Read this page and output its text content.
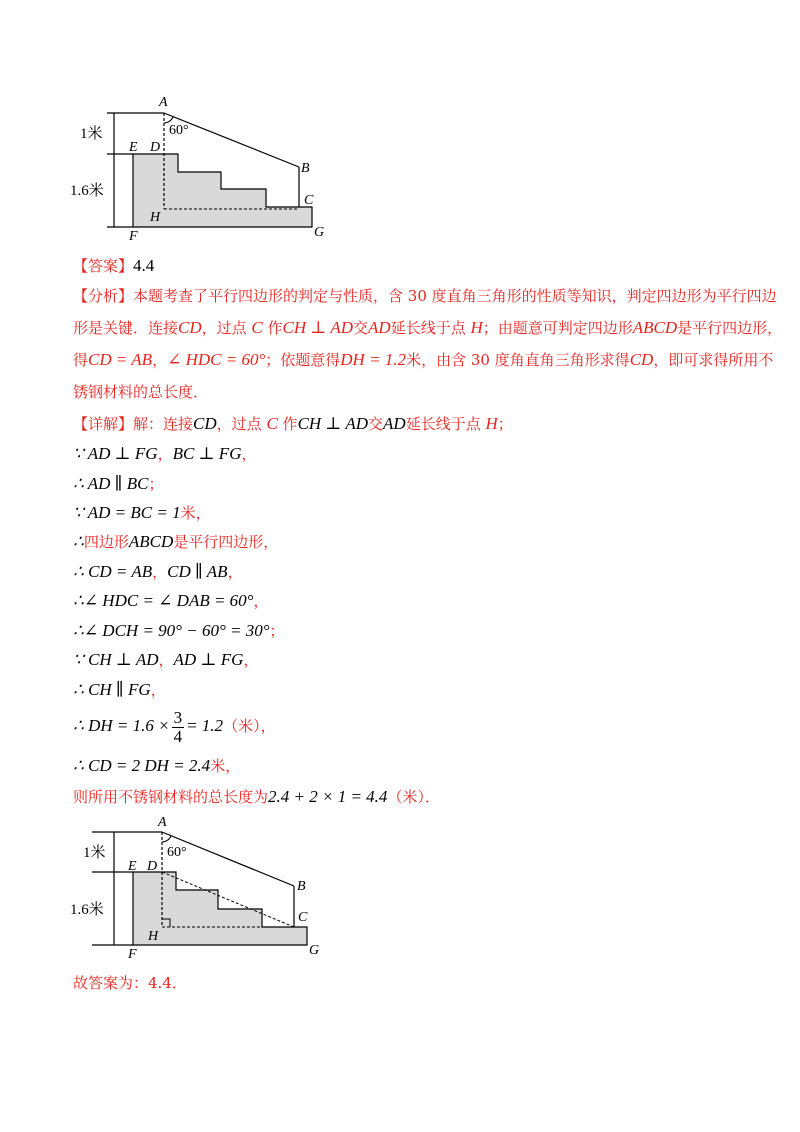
A
60°
B
C
D
E
F	G
H
1米
1.6米
【答案】4.4
【分析】本题考查了平行四边形的判定与性质，含 30 度直角三角形的性质等知识，判定四边形为平行四边
形是关键．连接CD，过点 C 作CH ⊥ AD交AD延长线于点 H；由题意可判定四边形ABCD是平行四边形，
得CD = AB，∠ HDC = 60°；依题意得DH = 1.2米，由含 30 度角直角三角形求得CD，即可求得所用不
锈钢材料的总长度．
【详解】解：连接CD，过点 C 作CH ⊥ AD交AD延长线于点 H；
∵ AD ⊥ FG，BC ⊥ FG，
∴ AD ∥ BC；
∵ AD = BC = 1米，
∴四边形ABCD是平行四边形，
∴ CD = AB，CD ∥ AB，
∴∠ HDC = ∠ DAB = 60°，
∴∠ DCH = 90° − 60° = 30°；
∵ CH ⊥ AD，AD ⊥ FG，
∴ CH ∥ FG，
∴ DH = $1.6 \times \frac{3}{4} = 1.2$（米），
∴ CD = 2 DH = 2.4米，
则所用不锈钢材料的总长度为2.4 + 2 × 1 = 4.4（米）．
A
60°
B
C
D
E
F	G
H
1米
1.6米
故答案为：4.4．
